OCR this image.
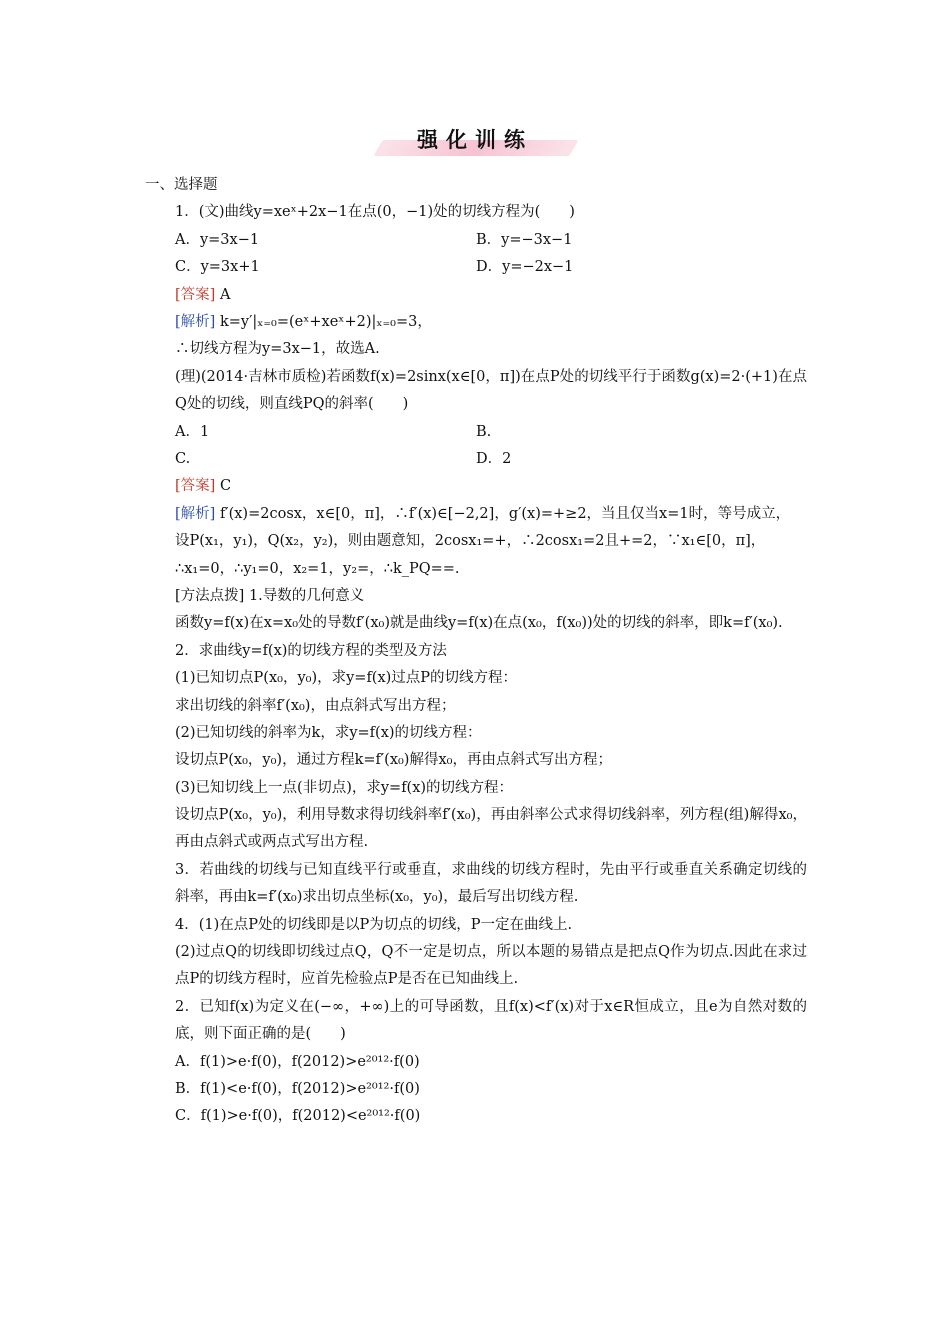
强化训练
一、选择题
1．(文)曲线y=xeˣ+2x−1在点(0，−1)处的切线方程为(　　)
A．y=3x−1	B．y=−3x−1
C．y=3x+1	D．y=−2x−1
[答案] A
[解析] k=y′|ₓ₌₀=(eˣ+xeˣ+2)|ₓ₌₀=3，
∴切线方程为y=3x−1，故选A.
(理)(2014·吉林市质检)若函数f(x)=2sinx(x∈[0，π])在点P处的切线平行于函数g(x)=2·(+1)在点Q处的切线，则直线PQ的斜率(　　)
A．1	B.
C.	D．2
[答案] C
[解析] f′(x)=2cosx，x∈[0，π]，∴f′(x)∈[−2,2]，g′(x)=+≥2，当且仅当x=1时，等号成立，
设P(x₁，y₁)，Q(x₂，y₂)，则由题意知，2cosx₁=+，∴2cosx₁=2且+=2，∵x₁∈[0，π]，
∴x₁=0，∴y₁=0，x₂=1，y₂=，∴k_PQ==.
[方法点拨] 1.导数的几何意义
函数y=f(x)在x=x₀处的导数f′(x₀)就是曲线y=f(x)在点(x₀，f(x₀))处的切线的斜率，即k=f′(x₀).
2．求曲线y=f(x)的切线方程的类型及方法
(1)已知切点P(x₀，y₀)，求y=f(x)过点P的切线方程：
求出切线的斜率f′(x₀)，由点斜式写出方程；
(2)已知切线的斜率为k，求y=f(x)的切线方程：
设切点P(x₀，y₀)，通过方程k=f′(x₀)解得x₀，再由点斜式写出方程；
(3)已知切线上一点(非切点)，求y=f(x)的切线方程：
设切点P(x₀，y₀)，利用导数求得切线斜率f′(x₀)，再由斜率公式求得切线斜率，列方程(组)解得x₀，再由点斜式或两点式写出方程.
3．若曲线的切线与已知直线平行或垂直，求曲线的切线方程时，先由平行或垂直关系确定切线的斜率，再由k=f′(x₀)求出切点坐标(x₀，y₀)，最后写出切线方程.
4．(1)在点P处的切线即是以P为切点的切线，P一定在曲线上.
(2)过点Q的切线即切线过点Q，Q不一定是切点，所以本题的易错点是把点Q作为切点.因此在求过点P的切线方程时，应首先检验点P是否在已知曲线上.
2．已知f(x)为定义在(−∞，+∞)上的可导函数，且f(x)<f′(x)对于x∈R恒成立，且e为自然对数的底，则下面正确的是(　　)
A．f(1)>e·f(0)，f(2012)>e²⁰¹²·f(0)
B．f(1)<e·f(0)，f(2012)>e²⁰¹²·f(0)
C．f(1)>e·f(0)，f(2012)<e²⁰¹²·f(0)
